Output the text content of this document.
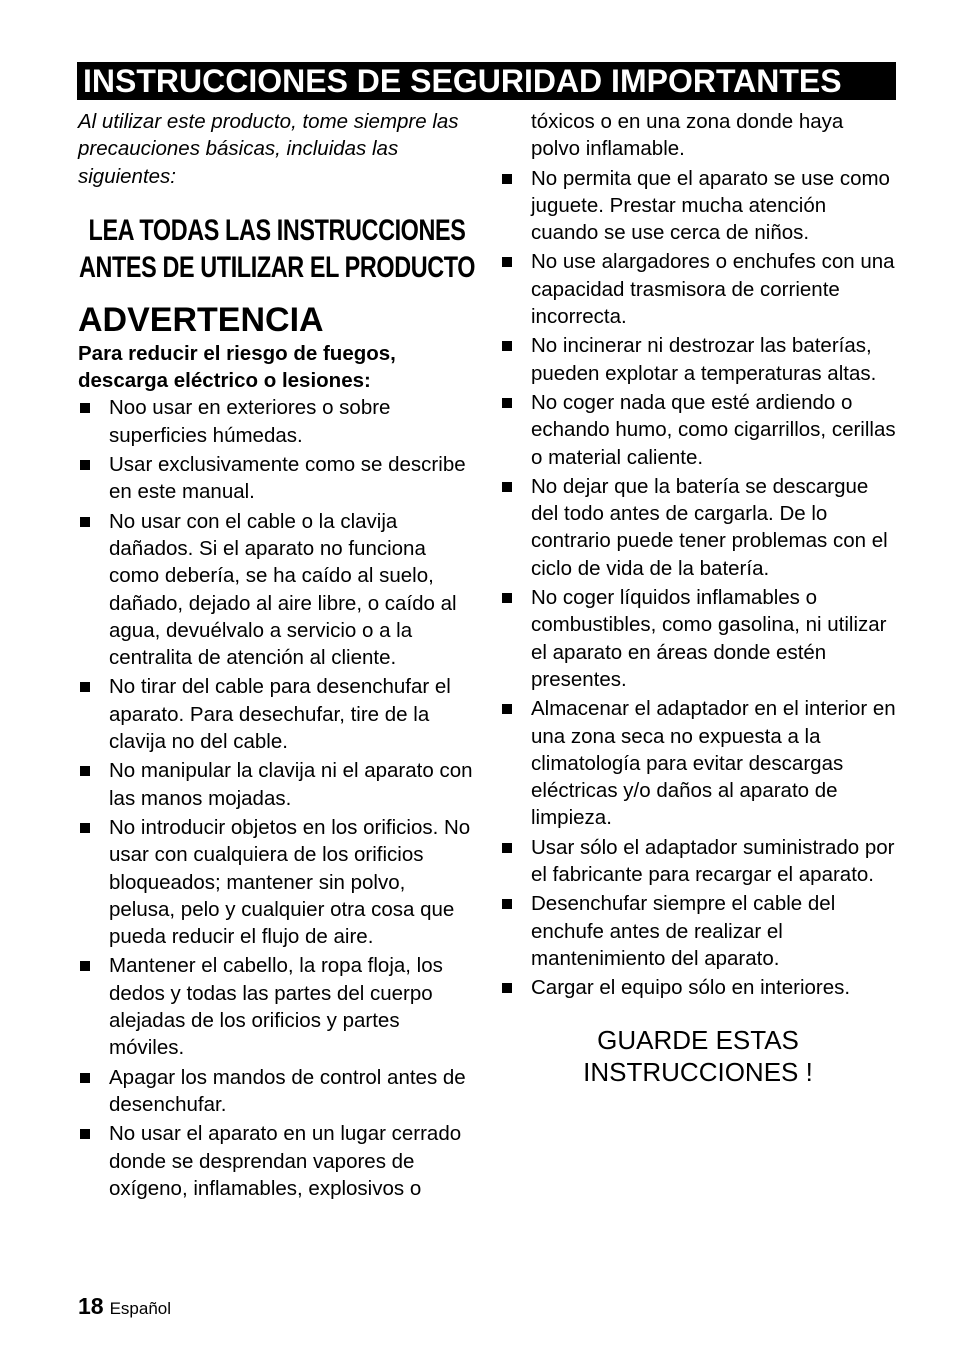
INSTRUCCIONES DE SEGURIDAD IMPORTANTES

Al utilizar este producto, tome siempre las precauciones básicas, incluidas las siguientes:

LEA TODAS LAS INSTRUCCIONES
ANTES DE UTILIZAR EL PRODUCTO
ADVERTENCIA

Para reducir el riesgo de fuegos, descarga eléctrico o lesiones:

Noo usar en exteriores o sobre superficies húmedas.
Usar exclusivamente como se describe en este manual.
No usar con el cable o la clavija dañados. Si el aparato no funciona como debería, se ha caído al suelo, dañado, dejado al aire libre, o caído al agua, devuélvalo a servicio o a la centralita de atención al cliente.
No tirar del cable para desenchufar el aparato. Para desechufar, tire de la clavija no del cable.
No manipular la clavija ni el aparato con las manos mojadas.
No introducir objetos en los orificios. No usar con cualquiera de los orificios bloqueados; mantener sin polvo, pelusa, pelo y cualquier otra cosa que pueda reducir el flujo de aire.
Mantener el cabello, la ropa floja, los dedos y todas las partes del cuerpo alejadas de los orificios y partes móviles.
Apagar los mandos de control antes de desenchufar.
No usar el aparato en un lugar cerrado donde se desprendan vapores de oxígeno, inflamables, explosivos o

tóxicos o en una zona donde haya polvo inflamable.

No permita que el aparato se use como juguete. Prestar mucha atención cuando se use cerca de niños.
No use alargadores o enchufes con una capacidad trasmisora de corriente incorrecta.
No incinerar ni destrozar las baterías, pueden explotar a temperaturas altas.
No coger nada que esté ardiendo o echando humo, como cigarrillos, cerillas o material caliente.
No dejar que la batería se descargue del todo antes de cargarla. De lo contrario puede tener problemas con el ciclo de vida de la batería.
No coger líquidos inflamables o combustibles, como gasolina, ni utilizar el aparato en áreas donde estén presentes.
Almacenar el adaptador en el interior en una zona seca no expuesta a la climatología para evitar descargas eléctricas y/o daños al aparato de limpieza.
Usar sólo el adaptador suministrado por el fabricante para recargar el aparato.
Desenchufar siempre el cable del enchufe antes de realizar el mantenimiento del aparato.
Cargar el equipo sólo en interiores.
GUARDE ESTAS
INSTRUCCIONES !
18 Español
